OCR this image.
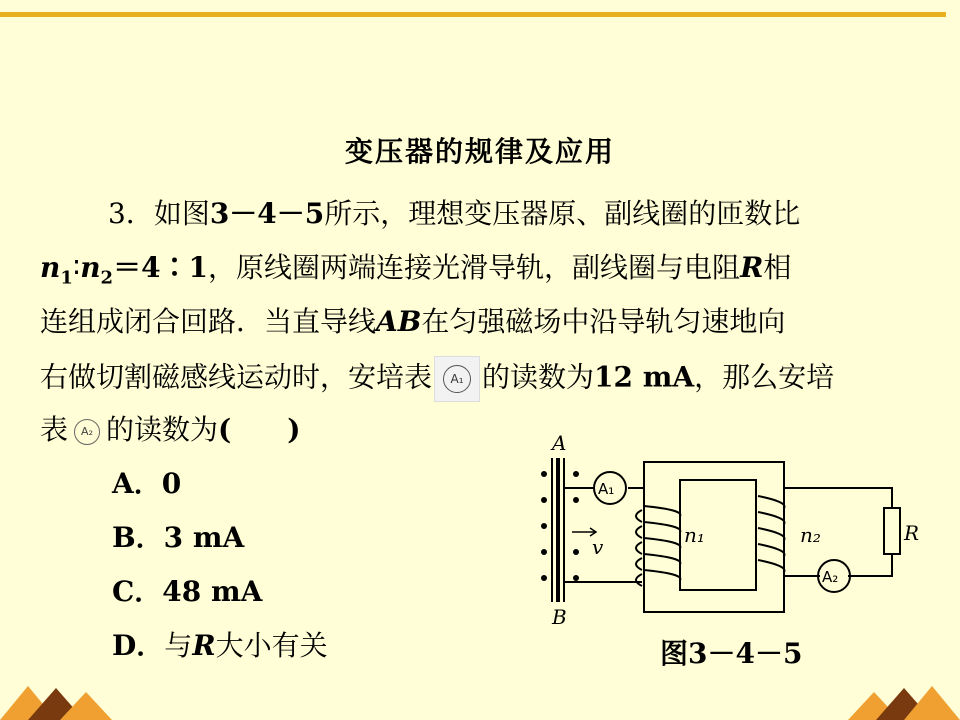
变压器的规律及应用
3．如图3－4－5所示，理想变压器原、副线圈的匝数比
$n_1∶n_2=4∶1$，原线圈两端连接光滑导轨，副线圈与电阻R相
连组成闭合回路．当直导线AB在匀强磁场中沿导轨匀速地向
右做切割磁感线运动时，安培表	A₁ 的读数为12 mA，那么安培
表	A₂ 的读数为(　　)
A．0
B．3 mA
C．48 mA
D．与R大小有关
A
B
v	n₁	n₂	R
A₁
A₂
图3－4－5
